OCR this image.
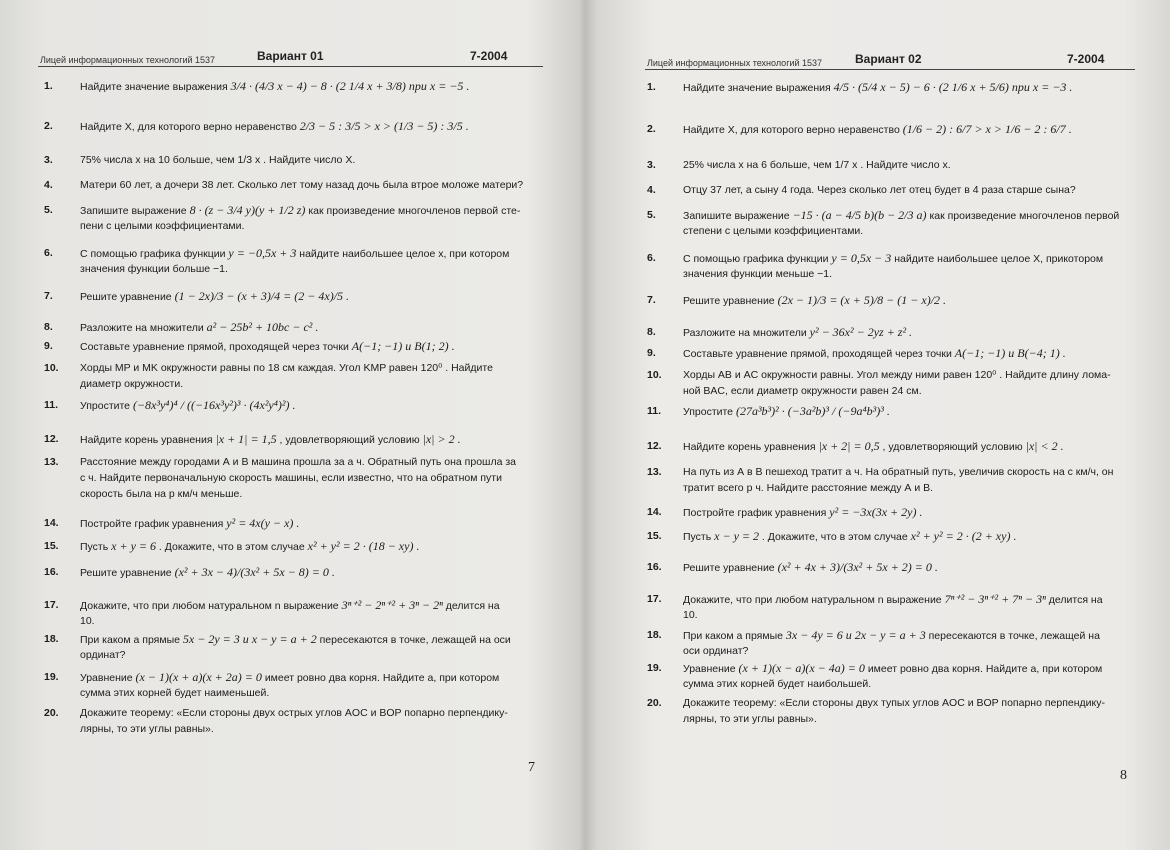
Лицей информационных технологий 1537	Вариант 01	7-2004
1.	Найдите значение выражения 3/4 · (4/3 x − 4) − 8 · (2 1/4 x + 3/8) при x = −5 .
2.	Найдите X, для которого верно неравенство 2/3 − 5 : 3/5 > x > (1/3 − 5) : 3/5 .
3.	75% числа x на 10 больше, чем 1/3 x . Найдите число X.
4.	Матери 60 лет, а дочери 38 лет. Сколько лет тому назад дочь была втрое моложе матери?
5.	Запишите выражение 8 · (z − 3/4 y)(y + 1/2 z) как произведение многочленов первой сте-
пени с целыми коэффициентами.
6.	С помощью графика функции y = −0,5x + 3 найдите наибольшее целое x, при котором
значения функции больше −1.
7.	Решите уравнение (1 − 2x)/3 − (x + 3)/4 = (2 − 4x)/5 .
8.	Разложите на множители a² − 25b² + 10bc − c² .
9.	Составьте уравнение прямой, проходящей через точки A(−1; −1) и B(1; 2) .
10. Хорды MP и MK окружности равны по 18 см каждая. Угол KMP равен 120⁰ . Найдите
диаметр окружности.
11. Упростите (−8x³y⁴)⁴ / ((−16x³y²)³ · (4x²y⁴)²) .
12. Найдите корень уравнения |x + 1| = 1,5 , удовлетворяющий условию |x| > 2 .
13. Расстояние между городами А и В машина прошла за a ч. Обратный путь она прошла за
c ч. Найдите первоначальную скорость машины, если известно, что на обратном пути
скорость была на p км/ч меньше.
14. Постройте график уравнения y² = 4x(y − x) .
15. Пусть x + y = 6 . Докажите, что в этом случае x² + y² = 2 · (18 − xy) .
16. Решите уравнение (x² + 3x − 4)/(3x² + 5x − 8) = 0 .
17. Докажите, что при любом натуральном n выражение 3ⁿ⁺² − 2ⁿ⁺² + 3ⁿ − 2ⁿ делится на
10.
18. При каком a прямые 5x − 2y = 3 и x − y = a + 2 пересекаются в точке, лежащей на оси
ординат?
19. Уравнение (x − 1)(x + a)(x + 2a) = 0 имеет ровно два корня. Найдите a, при котором
сумма этих корней будет наименьшей.
20. Докажите теорему: «Если стороны двух острых углов AOC и BOP попарно перпендику-
лярны, то эти углы равны».
7
Лицей информационных технологий 1537	Вариант 02	7-2004
1.	Найдите значение выражения 4/5 · (5/4 x − 5) − 6 · (2 1/6 x + 5/6) при x = −3 .
2.	Найдите X, для которого верно неравенство (1/6 − 2) : 6/7 > x > 1/6 − 2 : 6/7 .
3.	25% числа x на 6 больше, чем 1/7 x . Найдите число x.
4.	Отцу 37 лет, а сыну 4 года. Через сколько лет отец будет в 4 раза старше сына?
5.	Запишите выражение −15 · (a − 4/5 b)(b − 2/3 a) как произведение многочленов первой
степени с целыми коэффициентами.
6.	С помощью графика функции y = 0,5x − 3 найдите наибольшее целое X, прикотором
значения функции меньше −1.
7.	Решите уравнение (2x − 1)/3 = (x + 5)/8 − (1 − x)/2 .
8.	Разложите на множители y² − 36x² − 2yz + z² .
9.	Составьте уравнение прямой, проходящей через точки A(−1; −1) и B(−4; 1) .
10. Хорды AB и AC окружности равны. Угол между ними равен 120⁰ . Найдите длину лома-
ной BAC, если диаметр окружности равен 24 см.
11. Упростите (27a³b³)² · (−3a²b)³ / (−9a⁴b³)³ .
12. Найдите корень уравнения |x + 2| = 0,5 , удовлетворяющий условию |x| < 2 .
13. На путь из А в В пешеход тратит a ч. На обратный путь, увеличив скорость на c км/ч, он
тратит всего p ч. Найдите расстояние между А и В.
14. Постройте график уравнения y² = −3x(3x + 2y) .
15. Пусть x − y = 2 . Докажите, что в этом случае x² + y² = 2 · (2 + xy) .
16. Решите уравнение (x² + 4x + 3)/(3x² + 5x + 2) = 0 .
17. Докажите, что при любом натуральном n выражение 7ⁿ⁺² − 3ⁿ⁺² + 7ⁿ − 3ⁿ делится на
10.
18. При каком a прямые 3x − 4y = 6 и 2x − y = a + 3 пересекаются в точке, лежащей на
оси ординат?
19. Уравнение (x + 1)(x − a)(x − 4a) = 0 имеет ровно два корня. Найдите a, при котором
сумма этих корней будет наибольшей.
20. Докажите теорему: «Если стороны двух тупых углов AOC и BOP попарно перпендику-
лярны, то эти углы равны».
8
